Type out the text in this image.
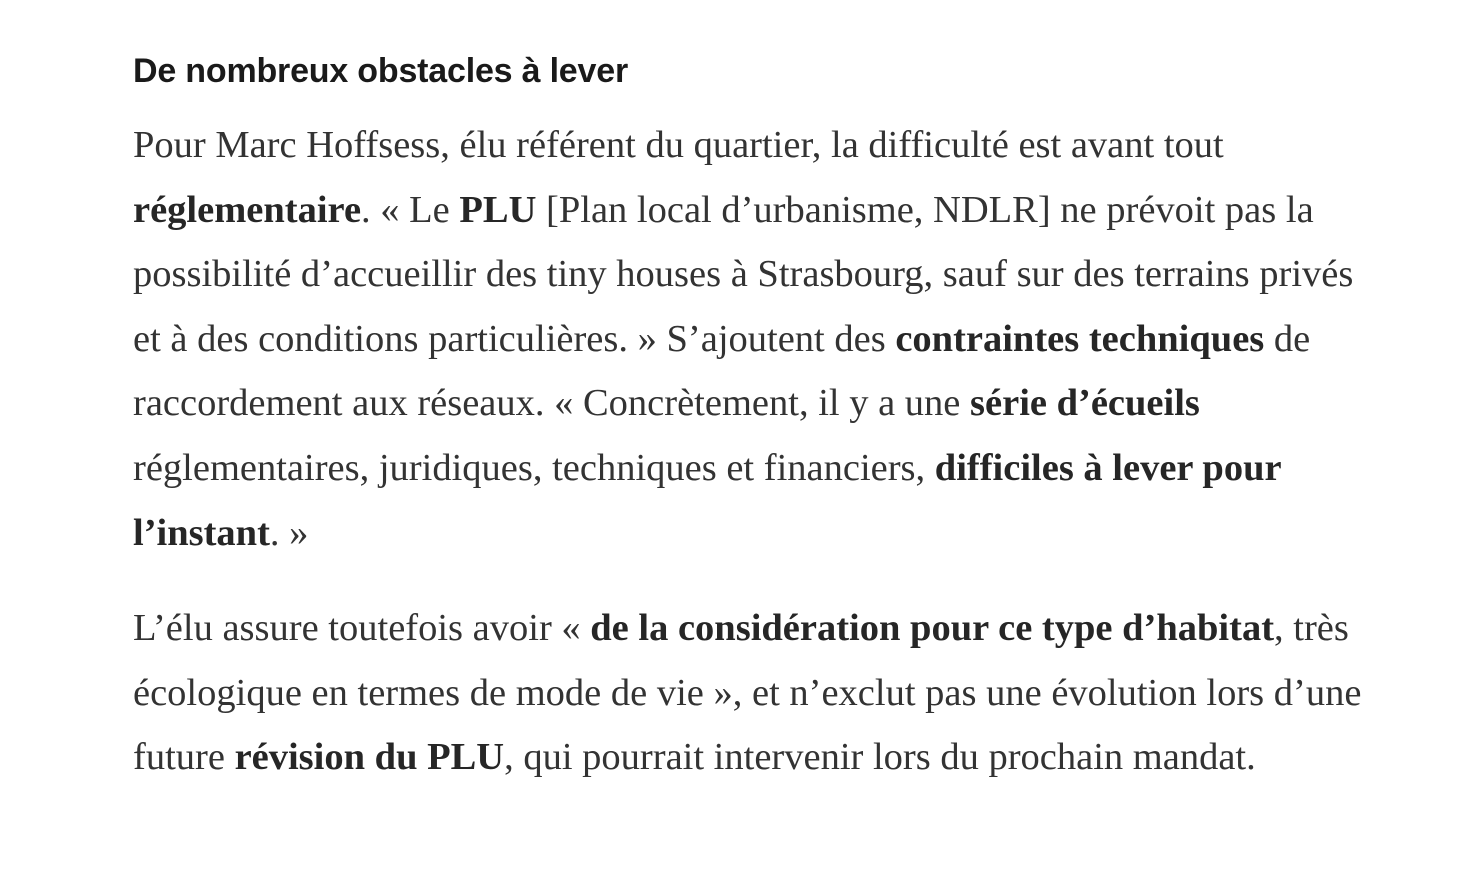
De nombreux obstacles à lever

Pour Marc Hoffsess, élu référent du quartier, la difficulté est avant tout réglementaire. « Le PLU [Plan local d’urbanisme, NDLR] ne prévoit pas la possibilité d’accueillir des tiny houses à Strasbourg, sauf sur des terrains privés et à des conditions particulières. » S’ajoutent des contraintes techniques de raccordement aux réseaux. « Concrètement, il y a une série d’écueils réglementaires, juridiques, techniques et financiers, difficiles à lever pour l’instant. »

L’élu assure toutefois avoir « de la considération pour ce type d’habitat, très écologique en termes de mode de vie », et n’exclut pas une évolution lors d’une future révision du PLU, qui pourrait intervenir lors du prochain mandat.
